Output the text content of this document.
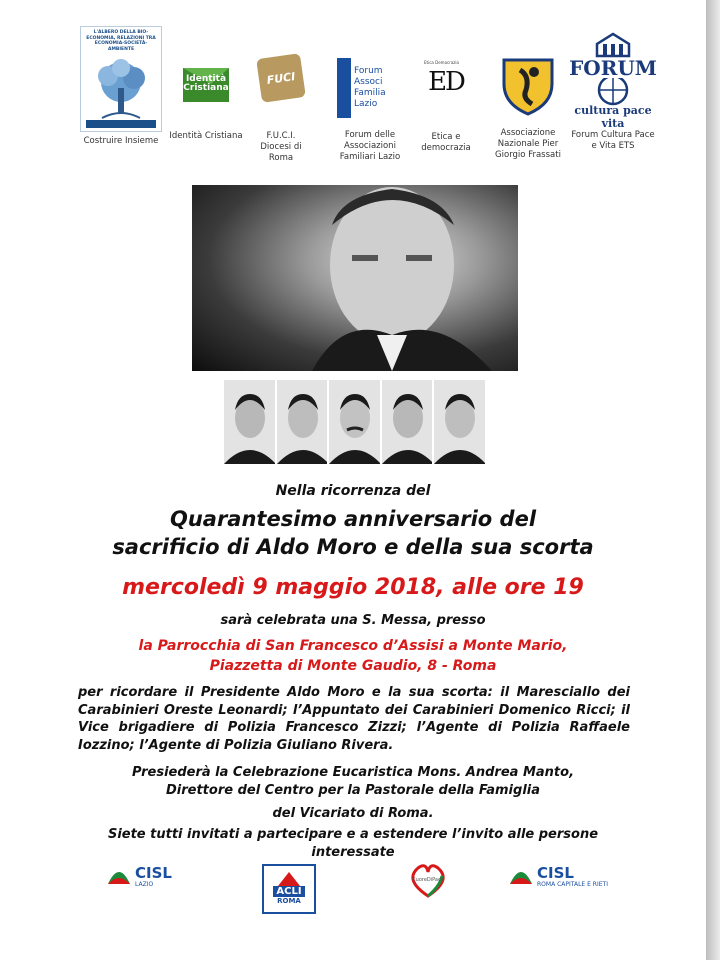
L'ALBERO DELLA BIO-ECONOMIA, RELAZIONI TRA ECONOMIA-SOCIETÀ-AMBIENTE
Costruire Insieme
Identità Cristiana
Identità Cristiana
FUCI
F.U.C.I. Diocesi di Roma
Forum Associ Familia Lazio
Forum delle Associazioni Familiari Lazio
ED
Etica Democrazia
Etica e democrazia
Associazione Nazionale Pier Giorgio Frassati
FORUM
cultura pace vita
Forum Cultura Pace e Vita ETS
Nella ricorrenza del
Quarantesimo anniversario del
sacrificio di Aldo Moro e della sua scorta
mercoledì 9 maggio 2018, alle ore 19
sarà celebrata una S. Messa, presso
la Parrocchia di San Francesco d’Assisi a Monte Mario,
Piazzetta di Monte Gaudio, 8 - Roma
per ricordare il Presidente Aldo Moro e la sua scorta: il Maresciallo dei Carabinieri Oreste Leonardi; l’Appuntato dei Carabinieri Domenico Ricci; il Vice brigadiere di Polizia Francesco Zizzi; l’Agente di Polizia Raffaele Iozzino; l’Agente di Polizia Giuliano Rivera.
Presiederà la Celebrazione Eucaristica Mons. Andrea Manto,
Direttore del Centro per la Pastorale della Famiglia
del Vicariato di Roma.
Siete tutti invitati a partecipare e a estendere l’invito alle persone
interessate
CISL
LAZIO
ACLI
ROMA
CuoreDiPace	CISL
ROMA CAPITALE E RIETI
